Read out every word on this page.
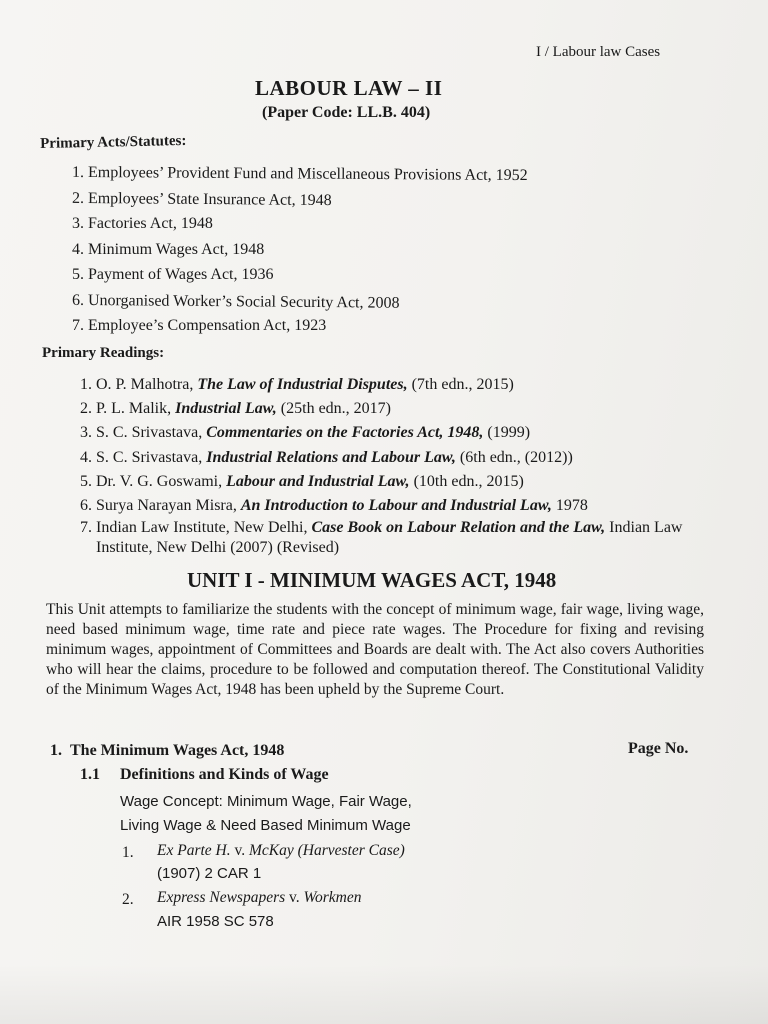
I / Labour law Cases
LABOUR LAW – II
(Paper Code: LL.B. 404)
Primary Acts/Statutes:
1. Employees’ Provident Fund and Miscellaneous Provisions Act, 1952
2. Employees’ State Insurance Act, 1948
3. Factories Act, 1948
4. Minimum Wages Act, 1948
5. Payment of Wages Act, 1936
6. Unorganised Worker’s Social Security Act, 2008
7. Employee’s Compensation Act, 1923
Primary Readings:
1. O. P. Malhotra, The Law of Industrial Disputes, (7th edn., 2015)
2. P. L. Malik, Industrial Law, (25th edn., 2017)
3. S. C. Srivastava, Commentaries on the Factories Act, 1948, (1999)
4. S. C. Srivastava, Industrial Relations and Labour Law, (6th edn., (2012))
5. Dr. V. G. Goswami, Labour and Industrial Law, (10th edn., 2015)
6. Surya Narayan Misra, An Introduction to Labour and Industrial Law, 1978
7. Indian Law Institute, New Delhi, Case Book on Labour Relation and the Law, Indian Law Institute, New Delhi (2007) (Revised)
UNIT I - MINIMUM WAGES ACT, 1948
This Unit attempts to familiarize the students with the concept of minimum wage, fair wage, living wage, need based minimum wage, time rate and piece rate wages. The Procedure for fixing and revising minimum wages, appointment of Committees and Boards are dealt with. The Act also covers Authorities who will hear the claims, procedure to be followed and computation thereof. The Constitutional Validity of the Minimum Wages Act, 1948 has been upheld by the Supreme Court.
1. The Minimum Wages Act, 1948	Page No.
1.1 Definitions and Kinds of Wage
Wage Concept: Minimum Wage, Fair Wage,
Living Wage & Need Based Minimum Wage
1. Ex Parte H. v. McKay (Harvester Case)
(1907) 2 CAR 1
2. Express Newspapers v. Workmen
AIR 1958 SC 578
